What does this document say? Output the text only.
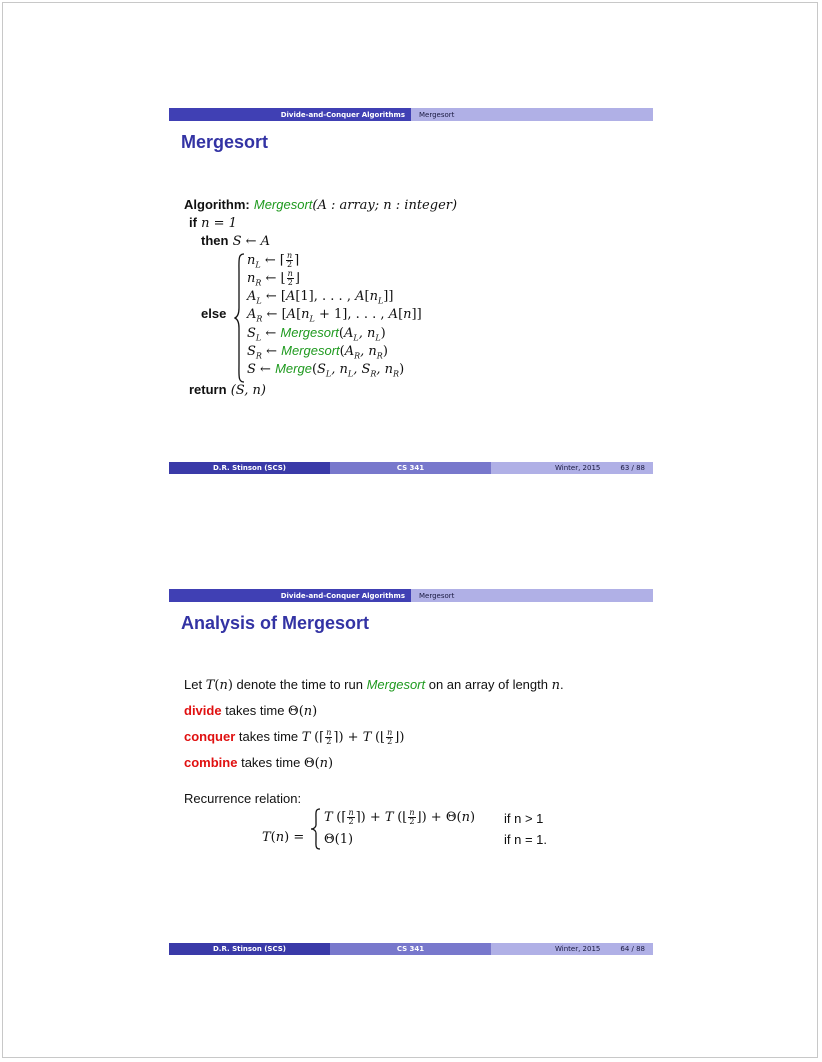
Divide-and-Conquer Algorithms	Mergesort
Mergesort
Algorithm: Mergesort(A : array; n : integer)
if n = 1
then S ← A
else
$n_L$ ← ⌈ $\frac{n}{2}$ ⌉
$n_R$ ← ⌊ $\frac{n}{2}$ ⌋
$A_L$ ← [A[1], . . . , $A[n_L]$]
$A_R$ ← [$A[n_L + 1]$, . . . , A[n]]
$S_L$ ← $Mergesort(A_L$, $n_L$)
$S_R$ ← $Mergesort(A_R$, $n_R$)
S ← $Merge(S_L$, $n_L$, $S_R$, $n_R$)
return (S, n)
D.R. Stinson (SCS)	CS 341	Winter, 2015	63 / 88
Divide-and-Conquer Algorithms	Mergesort
Analysis of Mergesort
Let T(n) denote the time to run Mergesort on an array of length n.
divide takes time Θ(n)
conquer takes time T (⌈ $\frac{n}{2}$ ⌉) + T (⌊ $\frac{n}{2}$ ⌋)
combine takes time Θ(n)
Recurrence relation:
T(n) =
T (⌈ $\frac{n}{2}$ ⌉) + T (⌊ $\frac{n}{2}$ ⌋) + Θ(n) if n > 1
Θ(1)	if n = 1.
D.R. Stinson (SCS)	CS 341	Winter, 2015	64 / 88
